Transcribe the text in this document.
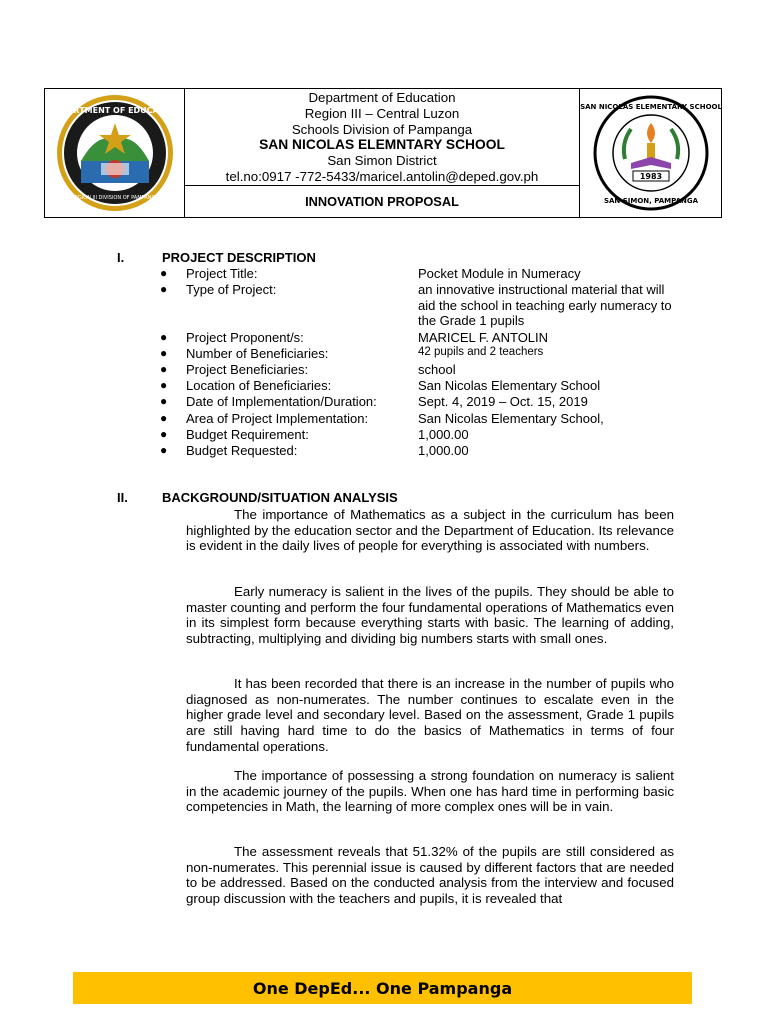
DEPARTMENT OF EDUCATION
REGION III DIVISION OF PAMPANGA
Department of Education
Region III – Central Luzon
Schools Division of Pampanga
SAN NICOLAS ELEMNTARY SCHOOL
San Simon District
tel.no:0917 -772-5433/maricel.antolin@deped.gov.ph
INNOVATION PROPOSAL
1983
SAN NICOLAS ELEMENTARY SCHOOL
SAN SIMON, PAMPANGA
I.	PROJECT DESCRIPTION
●	Project Title:	Pocket Module in Numeracy
●	Type of Project:	an innovative instructional material that will aid the school in teaching early numeracy to the Grade 1 pupils
●	Project Proponent/s:	MARICEL F. ANTOLIN
●	Number of Beneficiaries:	42 pupils and 2 teachers
●	Project Beneficiaries:	school
●	Location of Beneficiaries:	San Nicolas Elementary School
●	Date of Implementation/Duration:	Sept. 4, 2019 – Oct. 15, 2019
●	Area of Project Implementation:	San Nicolas Elementary School,
●	Budget Requirement:	1,000.00
●	Budget Requested:	1,000.00
II.	BACKGROUND/SITUATION ANALYSIS

The importance of Mathematics as a subject in the curriculum has been highlighted by the education sector and the Department of Education. Its relevance is evident in the daily lives of people for everything is associated with numbers.

Early numeracy is salient in the lives of the pupils. They should be able to master counting and perform the four fundamental operations of Mathematics even in its simplest form because everything starts with basic. The learning of adding, subtracting, multiplying and dividing big numbers starts with small ones.

It has been recorded that there is an increase in the number of pupils who diagnosed as non-numerates. The number continues to escalate even in the higher grade level and secondary level. Based on the assessment, Grade 1 pupils are still having hard time to do the basics of Mathematics in terms of four fundamental operations.

The importance of possessing a strong foundation on numeracy is salient in the academic journey of the pupils. When one has hard time in performing basic competencies in Math, the learning of more complex ones will be in vain.

The assessment reveals that 51.32% of the pupils are still considered as non-numerates. This perennial issue is caused by different factors that are needed to be addressed. Based on the conducted analysis from the interview and focused group discussion with the teachers and pupils, it is revealed that

One DepEd... One Pampanga
